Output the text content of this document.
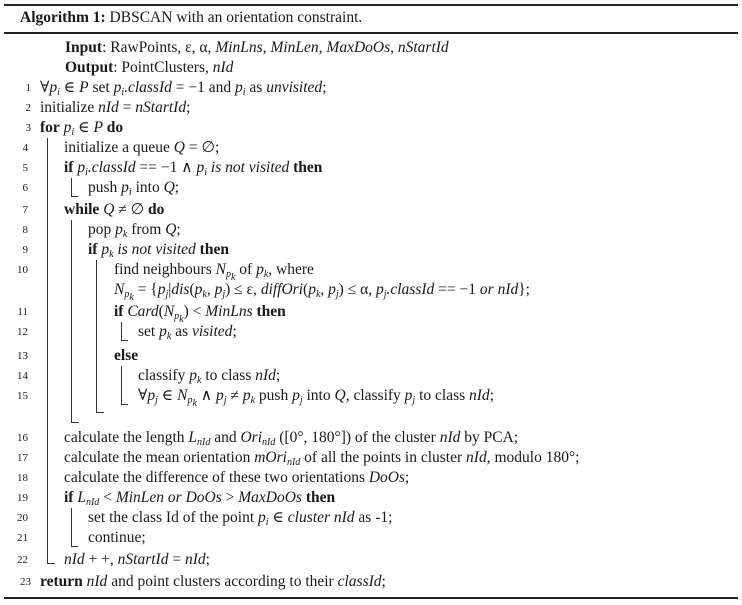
Algorithm 1: DBSCAN with an orientation constraint.
Input: RawPoints, ε, α, MinLns, MinLen, MaxDoOs, nStartId
Output: PointClusters, nId
1 $\forall p_i$ ∈ P set $p_i.classId = -1$ and $p_i$ as unvisited;
2 initialize nId = nStartId;
3 for $p_i$ ∈ P do
4 initialize a queue Q = ∅;
5 if $p_i.classId == -1$ ∧ $p_i$ is not visited then
6	push $p_i$ into Q;
7 while Q ≠ ∅ do
8	pop $p_k$ from Q;
9	if $p_k$ is not visited then
10	find neighbours $N_{p_k}$ of $p_k$, where
$N_{p_k} = \{p_j|dis(p_k$, $p_j) \le \varepsilon$, $diffOri(p_k$, $p_j) \le \alpha$, $p_j.classId == -1$ or nId};
11	if $Card(N_{p_k})$ < MinLns then
12	set $p_k$ as visited;
13	else
14	classify $p_k$ to class nId;
15	$\forall p_j$ ∈ $N_{p_k}$ ∧ $p_j \ne p_k$ push $p_j$ into Q, classify $p_j$ to class nId;
16 calculate the length $L_{nId}$ and Ori$_{nId}$ ([0°, 180°]) of the cluster nId by PCA;
17 calculate the mean orientation mOri$_{nId}$ of all the points in cluster nId, modulo 180°;
18 calculate the difference of these two orientations DoOs;
19 if $L_{nId}$ < MinLen or DoOs > MaxDoOs then
20	set the class Id of the point $p_i$ ∈ cluster nId as -1;
21	continue;
22 nId + +, nStartId = nId;
23 return nId and point clusters according to their classId;
